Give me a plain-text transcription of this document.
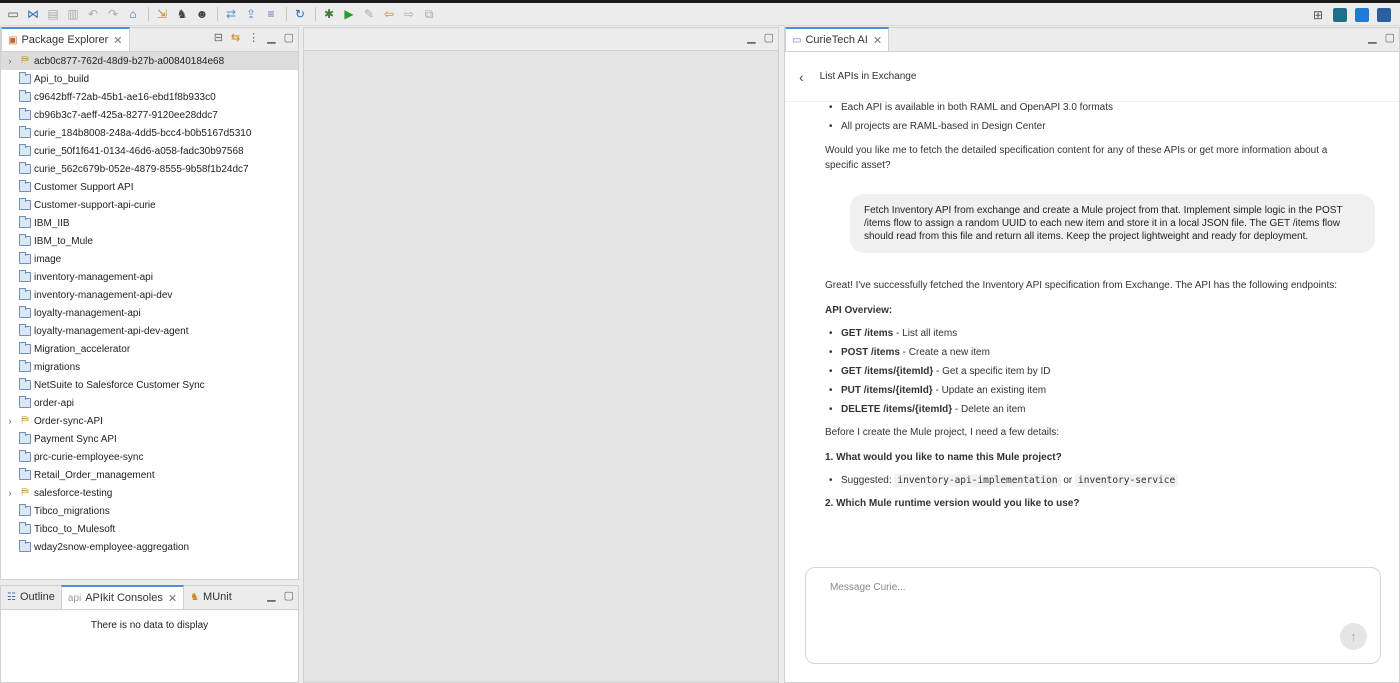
▭ ⋈ ▤ ▥ ↶ ↷ ⌂	⇲ ♞ ☻	⇄ ⇪ ≡	↻	✱ ▶ ✎ ⇦ ⇨ ⧉	⊞
▣ Package Explorer ✕	⊟ ⇆ ⋮ ▁ ▢
› ⛿ acb0c877-762d-48d9-b27b-a00840184e68
Api_to_build
c9642bff-72ab-45b1-ae16-ebd1f8b933c0
cb96b3c7-aeff-425a-8277-9120ee28ddc7
curie_184b8008-248a-4dd5-bcc4-b0b5167d5310
curie_50f1f641-0134-46d6-a058-fadc30b97568
curie_562c679b-052e-4879-8555-9b58f1b24dc7
Customer Support API
Customer-support-api-curie
IBM_IIB
IBM_to_Mule
image
inventory-management-api
inventory-management-api-dev
loyalty-management-api
loyalty-management-api-dev-agent
Migration_accelerator
migrations
NetSuite to Salesforce Customer Sync
order-api
› ⛿ Order-sync-API
Payment Sync API
prc-curie-employee-sync
Retail_Order_management
› ⛿ salesforce-testing
Tibco_migrations
Tibco_to_Mulesoft
wday2snow-employee-aggregation
☷ Outline api APIkit Consoles ✕ ♞ MUnit	▁ ▢
There is no data to display
▁ ▢ ▭ CurieTech AI ✕	▁ ▢
‹ List APIs in Exchange
• Each API is available in both RAML and OpenAPI 3.0 formats
• All projects are RAML-based in Design Center

Would you like me to fetch the detailed specification content for any of these APIs or get more information about a specific asset?

Fetch Inventory API from exchange and create a Mule project from that. Implement simple logic in the POST /items flow to assign a random UUID to each new item and store it in a local JSON file. The GET /items flow should read from this file and return all items. Keep the project lightweight and ready for deployment.

Great! I've successfully fetched the Inventory API specification from Exchange. The API has the following endpoints:

API Overview:

• GET /items - List all items
• POST /items - Create a new item
• GET /items/{itemId} - Get a specific item by ID
• PUT /items/{itemId} - Update an existing item
• DELETE /items/{itemId} - Delete an item

Before I create the Mule project, I need a few details:

1. What would you like to name this Mule project?

• Suggested: inventory-api-implementation or inventory-service

2. Which Mule runtime version would you like to use?

Message Curie...
↑
